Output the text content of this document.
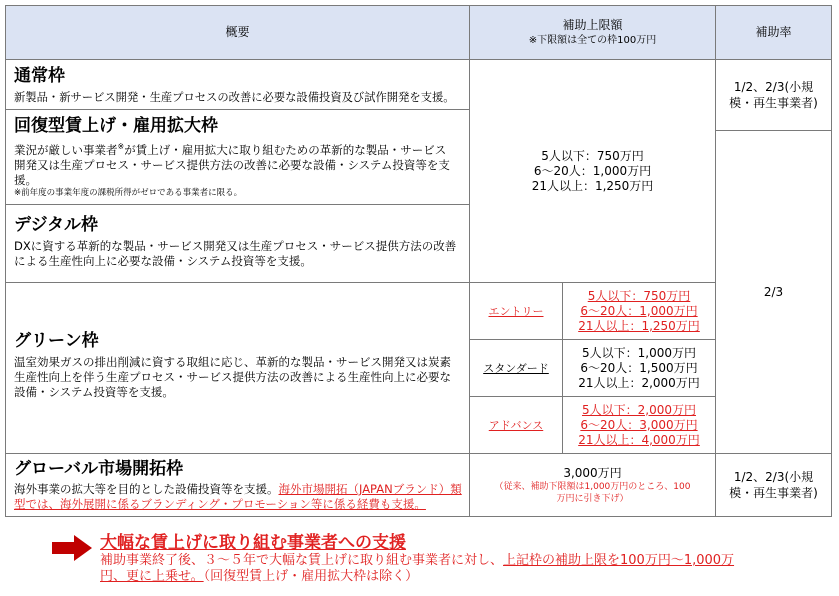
概要
補助上限額
※下限額は全ての枠100万円
補助率
通常枠
新製品・新サービス開発・生産プロセスの改善に必要な設備投資及び試作開発を支援。
回復型賃上げ・雇用拡大枠
業況が厳しい事業者※が賃上げ・雇用拡大に取り組むための革新的な製品・サービス開発又は生産プロセス・サービス提供方法の改善に必要な設備・システム投資等を支援。
※前年度の事業年度の課税所得がゼロである事業者に限る。
デジタル枠
DXに資する革新的な製品・サービス開発又は生産プロセス・サービス提供方法の改善による生産性向上に必要な設備・システム投資等を支援。
グリーン枠
温室効果ガスの排出削減に資する取組に応じ、革新的な製品・サービス開発又は炭素生産性向上を伴う生産プロセス・サービス提供方法の改善による生産性向上に必要な設備・システム投資等を支援。
グローバル市場開拓枠
海外事業の拡大等を目的とした設備投資等を支援。海外市場開拓（JAPANブランド）類型では、海外展開に係るブランディング・プロモーション等に係る経費も支援。
5人以下：750万円
6～20人：1,000万円
21人以上：1,250万円
エントリー
5人以下：750万円
6～20人：1,000万円
21人以上：1,250万円
スタンダード
5人以下：1,000万円
6～20人：1,500万円
21人以上：2,000万円
アドバンス
5人以下：2,000万円
6～20人：3,000万円
21人以上：4,000万円
3,000万円
（従来、補助下限額は1,000万円のところ、100万円に引き下げ）
1/2、2/3(小規模・再生事業者)
2/3
1/2、2/3(小規模・再生事業者)
大幅な賃上げに取り組む事業者への支援
補助事業終了後、３～５年で大幅な賃上げに取り組む事業者に対し、上記枠の補助上限を100万円～1,000万円、更に上乗せ。（回復型賃上げ・雇用拡大枠は除く）
